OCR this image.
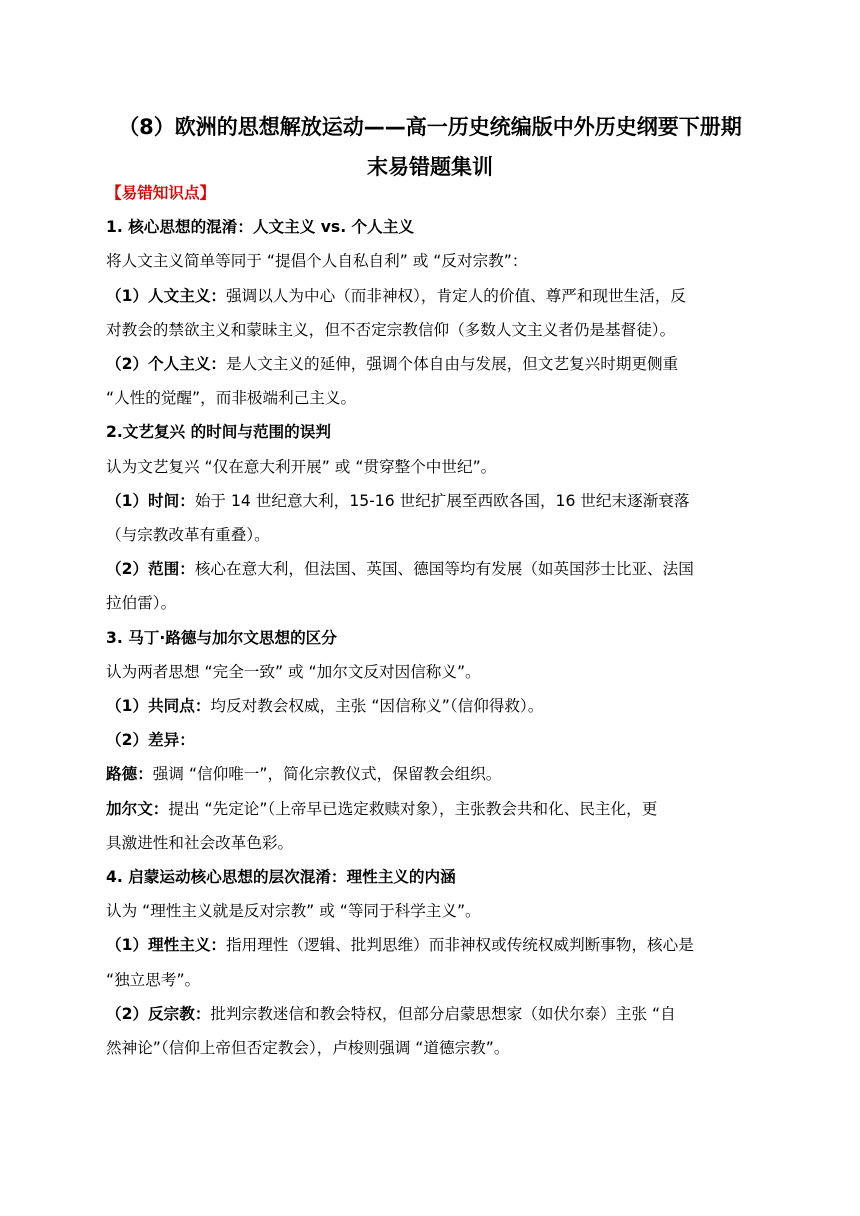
（8）欧洲的思想解放运动——高一历史统编版中外历史纲要下册期
末易错题集训

【易错知识点】

1. 核心思想的混淆：人文主义 vs. 个人主义

将人文主义简单等同于 “提倡个人自私自利” 或 “反对宗教”：

（1）人文主义：强调以人为中心（而非神权），肯定人的价值、尊严和现世生活，反

对教会的禁欲主义和蒙昧主义，但不否定宗教信仰（多数人文主义者仍是基督徒）。

（2）个人主义：是人文主义的延伸，强调个体自由与发展，但文艺复兴时期更侧重

“人性的觉醒”，而非极端利己主义。

2.文艺复兴 的时间与范围的误判

认为文艺复兴 “仅在意大利开展” 或 “贯穿整个中世纪”。

（1）时间：始于 14 世纪意大利，15-16 世纪扩展至西欧各国，16 世纪末逐渐衰落

（与宗教改革有重叠）。

（2）范围：核心在意大利，但法国、英国、德国等均有发展（如英国莎士比亚、法国

拉伯雷）。

3. 马丁·路德与加尔文思想的区分

认为两者思想 “完全一致” 或 “加尔文反对因信称义”。

（1）共同点：均反对教会权威，主张 “因信称义”（信仰得救）。

（2）差异：

路德：强调 “信仰唯一”，简化宗教仪式，保留教会组织。

加尔文：提出 “先定论”（上帝早已选定救赎对象），主张教会共和化、民主化，更

具激进性和社会改革色彩。

4. 启蒙运动核心思想的层次混淆：理性主义的内涵

认为 “理性主义就是反对宗教” 或 “等同于科学主义”。

（1）理性主义：指用理性（逻辑、批判思维）而非神权或传统权威判断事物，核心是

“独立思考”。

（2）反宗教：批判宗教迷信和教会特权，但部分启蒙思想家（如伏尔泰）主张 “自

然神论”（信仰上帝但否定教会），卢梭则强调 “道德宗教”。
